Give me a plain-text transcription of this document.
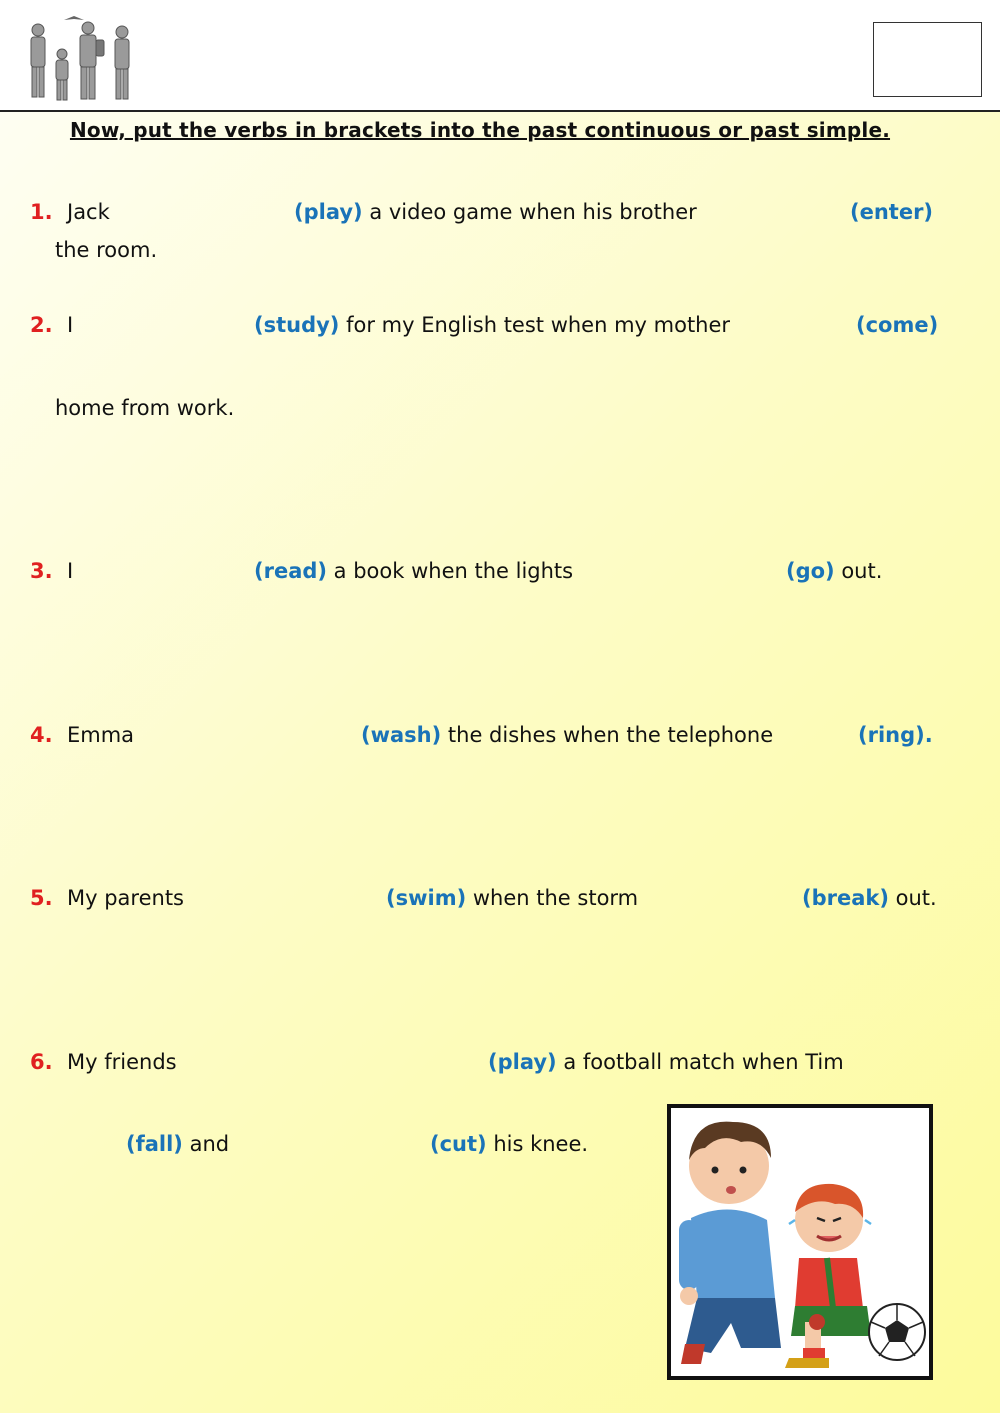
Now, put the verbs in brackets into the past continuous or past simple.
1. Jack	(play) a video game when his brother	(enter)
the room.
2. I	(study) for my English test when my mother	(come)
home from work.
3. I	(read) a book when the lights	(go) out.
4. Emma	(wash) the dishes when the telephone	(ring).
5. My parents	(swim) when the storm	(break) out.
6. My friends	(play) a football match when Tim
(fall) and	(cut) his knee.
